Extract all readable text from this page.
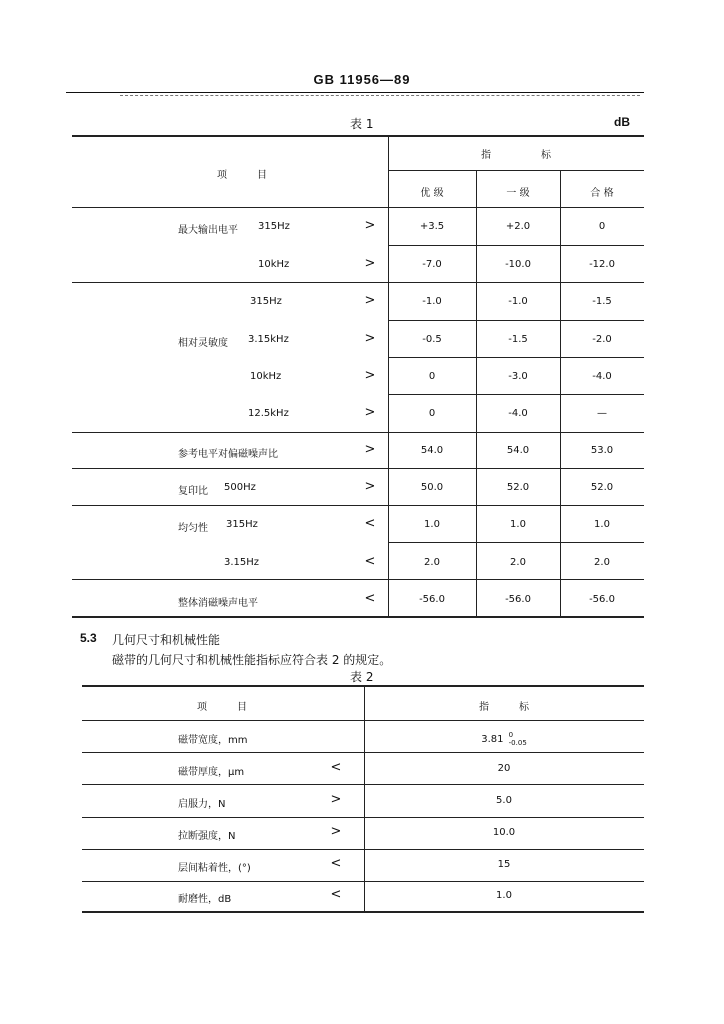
GB 11956—89
表 1	dB
项　　　目
指　　　　　标
优 级	一 级	合 格
最大输出电平 315Hz	>	+3.5	+2.0	0
10kHz	>	-7.0	-10.0	-12.0
315Hz	>	-1.0	-1.0	-1.5
相对灵敏度 3.15kHz	>	-0.5	-1.5	-2.0
10kHz	>	0	-3.0	-4.0
12.5kHz	>	0	-4.0	—
参考电平对偏磁噪声比	>	54.0	54.0	53.0
复印比 500Hz	>	50.0	52.0	52.0
均匀性 315Hz	<	1.0	1.0	1.0
3.15Hz	<	2.0	2.0	2.0
整体消磁噪声电平	<	-56.0	-56.0	-56.0
5.3 几何尺寸和机械性能
磁带的几何尺寸和机械性能指标应符合表 2 的规定。
表 2
项　　　目	指　　　标
磁带宽度，mm	3.81 0
-0.05
磁带厚度，μm	<	20
启服力，N	>	5.0
拉断强度，N	>	10.0
层间粘着性，(°)	<	15
耐磨性，dB	<	1.0
